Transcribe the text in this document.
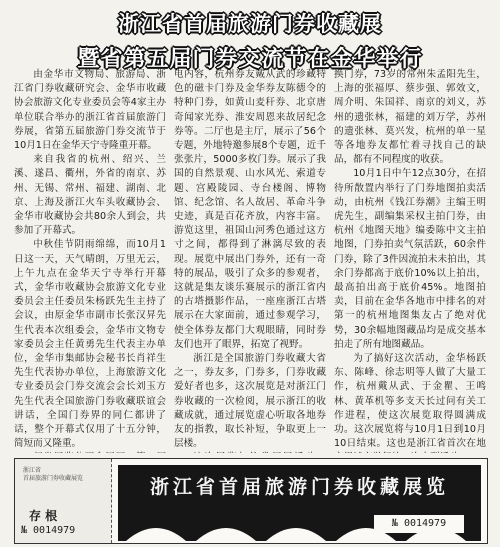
浙江省首届旅游门券收藏展
暨省第五届门券交流节在金华举行

由金华市文物局、旅游局、浙江省门券收藏研究会、金华市收藏协会旅游文化专业委员会等4家主办单位联合举办的浙江省首届旅游门券展，省第五届旅游门券交流节于10月1日在金华天宁寺隆重开幕。

来自我省的杭州、绍兴、兰溪、遂昌、衢州，外省的南京、苏州、无锡、常州、福建、湖南、北京、上海及浙江火车头收藏协会、金华市收藏协会共80余人到会，共参加了开幕式。

中秋佳节阴雨绵绵，而10月1日这一天，天气晴朗，万里无云，上午九点在金华天宁寺举行开幕式，金华市收藏协会旅游文化专业委员会主任委员朱杨跃先生主持了会议，由原金华市副市长张汉昇先生代表本次组委会，金华市文物专家委员会主任黄勇先生代表主办单位，金华市集邮协会秘书长肖祥生先生代表协办单位，上海旅游文化专业委员会门券交流会会长刘玉方先生代表全国旅游门券收藏联谊会讲话，全国门券界的同仁都讲了话，整个开幕式仅用了十五分钟，简短而又隆重。

电内容，杭州券友戴从武的珍藏特色的磁卡门券及金华券友陈德令的特种门券，如黄山麦秆券、北京唐奇闻家光券、淮安周恩来故居纪念券等。二厅也是主厅，展示了56个专题，外地特邀参展8个专题，近千张张片，5000多枚门券。展示了我国的自然景观、山水风光、索道专题、宫殿陵园、寺台楼阁、博物馆、纪念馆、名人故居、革命斗争史迹，真是百花齐放，内容丰富。游览这里，祖国山河秀色通过这方寸之间，都得到了淋漓尽致的表现。展览中展出门券外，还有一奇特的展品，吸引了众多的参观者，这就是集友谈乐赛展示的浙江省内的古塔摄影作品，一座座浙江古塔展示在大家面前，通过参观学习，使全体券友都门大观眼睛，同时券友们也开了眼界，拓宽了视野。

浙江是全国旅游门券收藏大省之一，券友多，门券多，门券收藏爱好者也多，这次展览是对浙江门券收藏的一次检阅，展示浙江的收藏成就，通过展览虚心听取各地券友的指教，取长补短，争取更上一层楼。

换门券，73岁的常州朱孟阳先生，上海的张福厚、蔡步强、郭效文，周介明、朱国祥、南京的刘义，苏州的遗张林，福建的刘万学，苏州的遗张林、莫兴发，杭州的单一星等各地券友都忙着寻找自己的缺品，都有不同程度的收获。

10月1日中午12点30分，在招待所散置内举行了门券地图拍卖活动，由杭州《钱江券潮》主编王明虎先生，副编集采权主拍门券，由杭州《地图天地》编委陈中文主拍地图，门券拍卖气氛活跃，60余件门券，除了3件因流拍未未拍出，其余门券都高于底价10%以上拍出，最高拍出高于底价45%。地图拍卖，目前在金华各地市中排名的对第一的杭州地图集友占了绝对优势，30余幅地图藏品均是成交基本拍走了所有地图藏品。

为了搞好这次活动，金华杨跃东、陈峰、徐志明等人做了大量工作，杭州戴从武、于金瞿、王鸣林、黄革机等多支天长过问有关工作进程，使这次展览取得圆满成功。这次展览将与10月1日到10月10日结束。这也是浙江省首次在地

浙江省
首届旅游门券收藏展览
存 根
№ 0014979
浙江省首届旅游门券收藏展览
№ 0014979
